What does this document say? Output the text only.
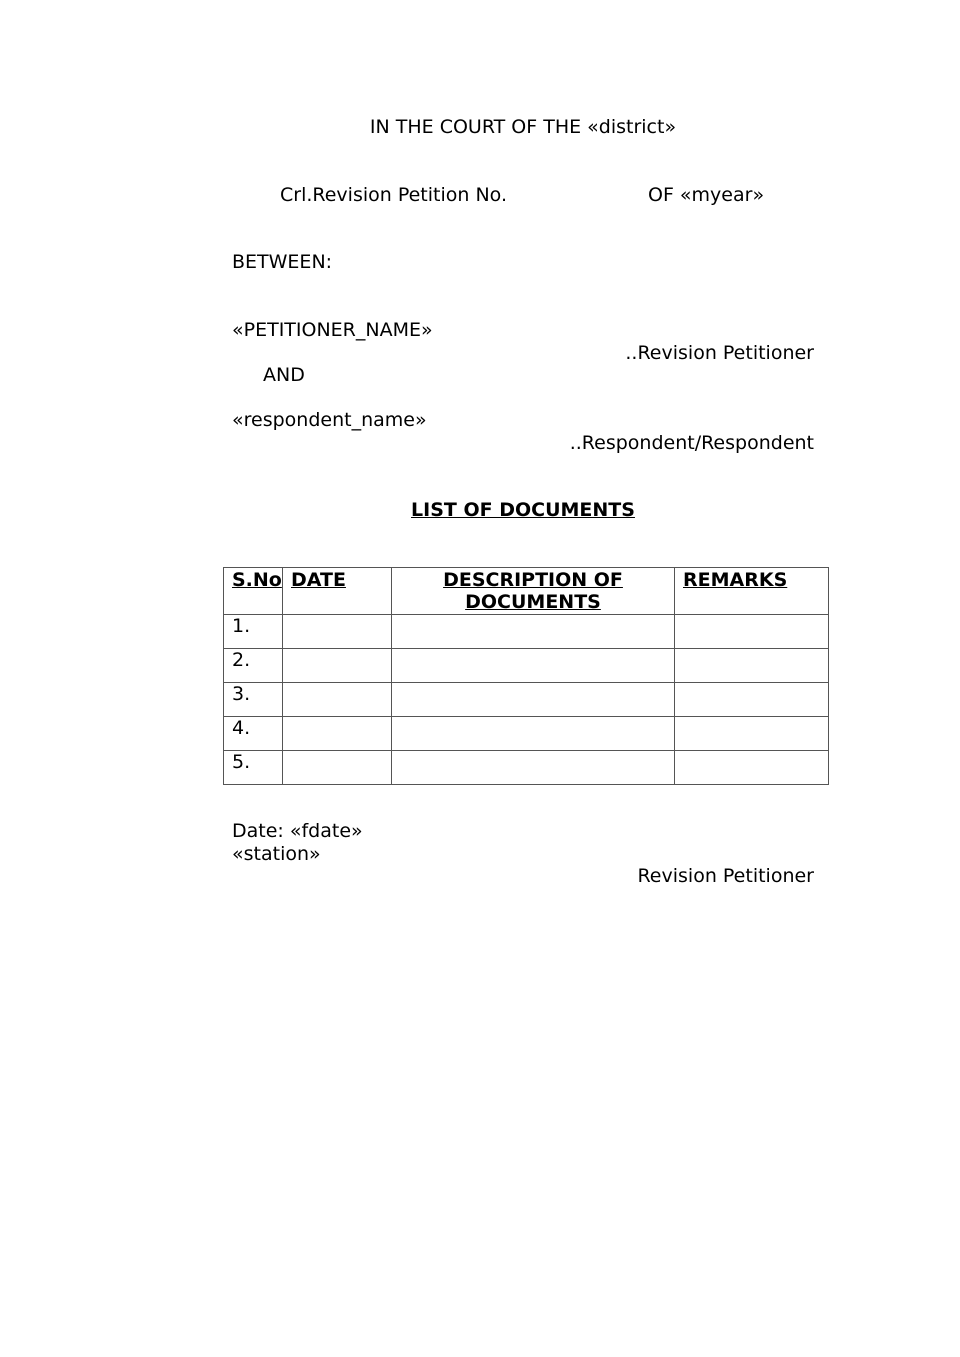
IN THE COURT OF THE «district»
Crl.Revision Petition No.	OF «myear»
BETWEEN:
«PETITIONER_NAME»
..Revision Petitioner
AND
«respondent_name»
..Respondent/Respondent
LIST OF DOCUMENTS
S.No	DATE	DESCRIPTION OF DOCUMENTS	REMARKS
1.			
2.			
3.			
4.			
5.			
Date: «fdate»
«station»
Revision Petitioner
